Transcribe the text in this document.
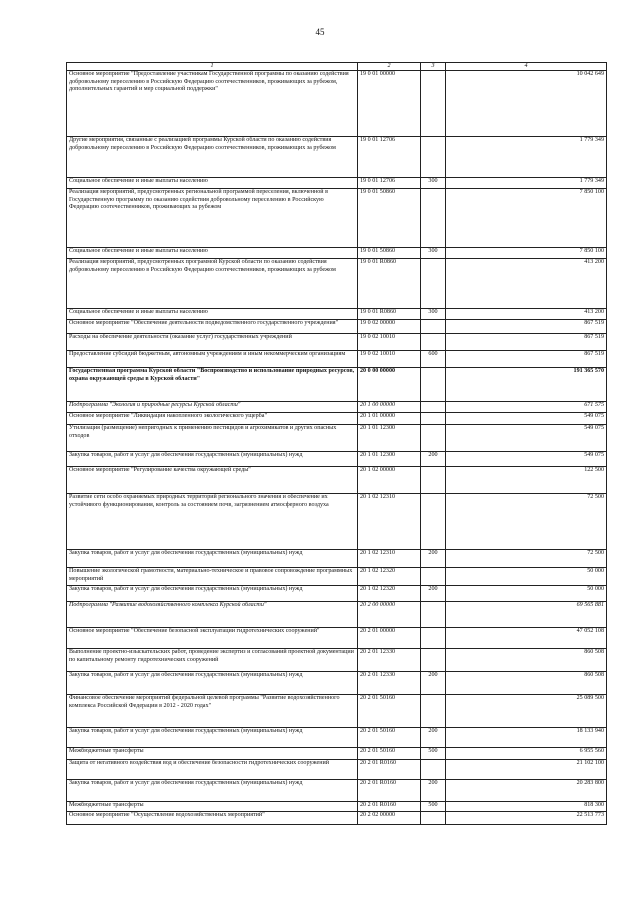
45
1	2	3	4
Основное мероприятие "Предоставление участникам Государственной программы по оказанию содействия добровольному переселению в Российскую Федерацию соотечественников, проживающих за рубежом, дополнительных гарантий и мер социальной поддержки"	19 0 01 00000		10 042 649
Другие мероприятия, связанные с реализацией программы Курской области по оказанию содействия добровольному переселению в Российскую Федерацию соотечественников, проживающих за рубежом	19 0 01 12706		1 779 349
Социальное обеспечение и иные выплаты населению	19 0 01 12706	300	1 779 349
Реализация мероприятий, предусмотренных региональной программой переселения, включенной в Государственную программу по оказанию содействия добровольному переселению в Российскую Федерацию соотечественников, проживающих за рубежом	19 0 01 50860		7 850 100
Социальное обеспечение и иные выплаты населению	19 0 01 50860	300	7 850 100
Реализация мероприятий, предусмотренных программой Курской области по оказанию содействия добровольному переселению в Российскую Федерацию соотечественников, проживающих за рубежом	19 0 01 R0860		413 200
Социальное обеспечение и иные выплаты населению	19 0 01 R0860	300	413 200
Основное мероприятие "Обеспечение деятельности подведомственного государственного учреждения"	19 0 02 00000		867 519
Расходы на обеспечение деятельности (оказание услуг) государственных учреждений	19 0 02 10010		867 519
Предоставление субсидий бюджетным, автономным учреждениям и иным некоммерческим организациям	19 0 02 10010	600	867 519
Государственная программа Курской области "Воспроизводство и использование природных ресурсов, охрана окружающей среды в Курской области"	20 0 00 00000		191 365 570
Подпрограмма "Экология и природные ресурсы Курской области"	20 1 00 00000		671 575
Основное мероприятие "Ликвидация накопленного экологического ущерба"	20 1 01 00000		549 075
Утилизация (размещение) непригодных к применению пестицидов и агрохимикатов и других опасных отходов	20 1 01 12300		549 075
Закупка товаров, работ и услуг для обеспечения государственных (муниципальных) нужд	20 1 01 12300	200	549 075
Основное мероприятие "Регулирование качества окружающей среды"	20 1 02 00000		122 500
Развитие сети особо охраняемых природных территорий регионального значения и обеспечение их устойчивого функционирования, контроль за состоянием почв, загрязнением атмосферного воздуха	20 1 02 12310		72 500
Закупка товаров, работ и услуг для обеспечения государственных (муниципальных) нужд	20 1 02 12310	200	72 500
Повышение экологической грамотности, материально-техническое и правовое сопровождение программных мероприятий	20 1 02 12320		50 000
Закупка товаров, работ и услуг для обеспечения государственных (муниципальных) нужд	20 1 02 12320	200	50 000
Подпрограмма "Развитие водохозяйственного комплекса Курской области"	20 2 00 00000		69 565 881
Основное мероприятие "Обеспечение безопасной эксплуатации гидротехнических сооружений"	20 2 01 00000		47 052 108
Выполнение проектно-изыскательских работ, проведение экспертиз и согласований проектной документации по капитальному ремонту гидротехнических сооружений	20 2 01 12330		860 508
Закупка товаров, работ и услуг для обеспечения государственных (муниципальных) нужд	20 2 01 12330	200	860 508
Финансовое обеспечение мероприятий федеральной целевой программы "Развитие водохозяйственного комплекса Российской Федерации в 2012 - 2020 годах"	20 2 01 50160		25 089 500
Закупка товаров, работ и услуг для обеспечения государственных (муниципальных) нужд	20 2 01 50160	200	18 133 940
Межбюджетные трансферты	20 2 01 50160	500	6 955 560
Защита от негативного воздействия вод и обеспечение безопасности гидротехнических сооружений	20 2 01 R0160		21 102 100
Закупка товаров, работ и услуг для обеспечения государственных (муниципальных) нужд	20 2 01 R0160	200	20 283 800
Межбюджетные трансферты	20 2 01 R0160	500	818 300
Основное мероприятие "Осуществление водохозяйственных мероприятий"	20 2 02 00000		22 513 773
